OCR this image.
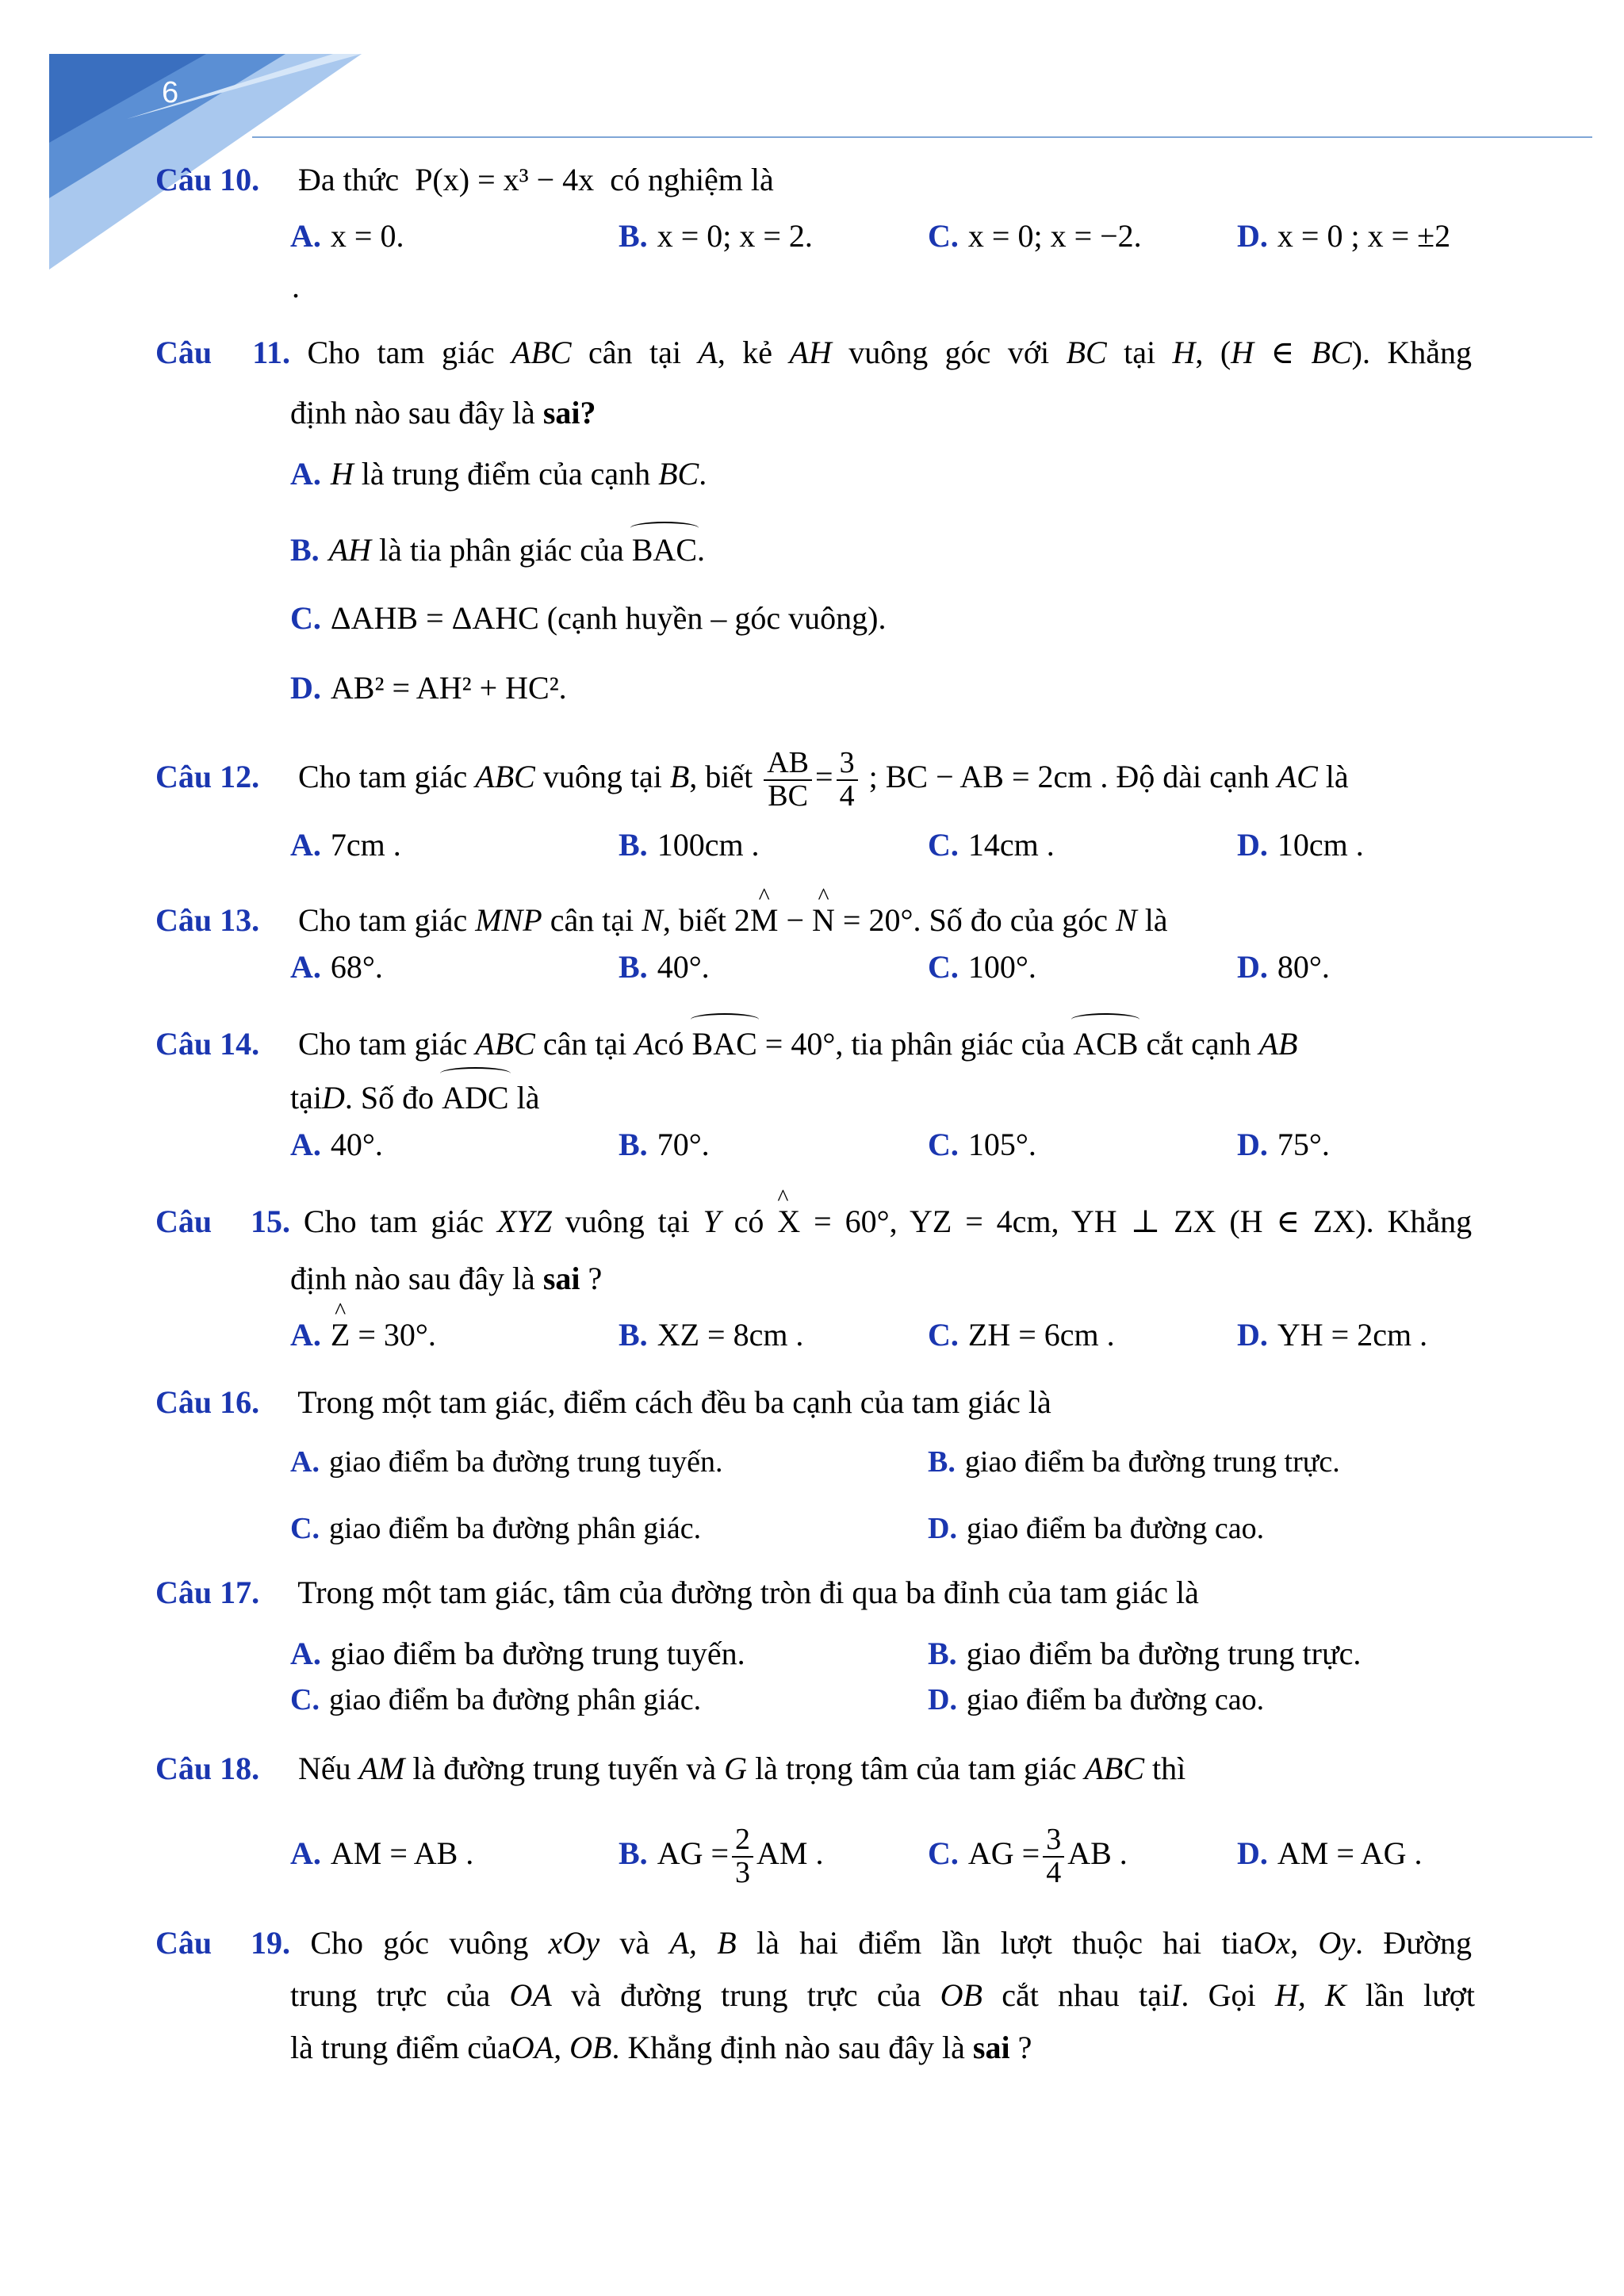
6
Câu 10. Đa thức P(x) = x³ − 4x có nghiệm là
A. x = 0.	B. x = 0; x = 2.	C. x = 0; x = −2.	D. x = 0 ; x = ±2
.
Câu 11. Cho tam giác ABC cân tại A, kẻ AH vuông góc với BC tại H, (H ∈ BC). Khẳng
định nào sau đây là sai?
A. H là trung điểm của cạnh BC.
B. AH là tia phân giác của BAC.
C. ΔAHB = ΔAHC (cạnh huyền – góc vuông).
D. AB² = AH² + HC².
Câu 12. Cho tam giác ABC vuông tại B, biết $\frac{AB}{BC} = \frac{3}{4}$ ; BC − AB = 2cm . Độ dài cạnh AC là
A. 7cm .	B. 100cm .	C. 14cm .	D. 10cm .
Câu 13. Cho tam giác MNP cân tại N, biết 2^ M − ^ N = 20°. Số đo của góc N là
A. 68°.	B. 40°.	C. 100°.	D. 80°.
Câu 14. Cho tam giác ABC cân tại Acó BAC = 40°, tia phân giác của ACB cắt cạnh AB
tạiD. Số đo ADC là
A. 40°.	B. 70°.	C. 105°.	D. 75°.
Câu 15. Cho tam giác XYZ vuông tại Y có ^ X = 60°, YZ = 4cm, YH ⊥ ZX (H ∈ ZX). Khẳng
định nào sau đây là sai ?
A. ^ Z = 30°.	B. XZ = 8cm .	C. ZH = 6cm .	D. YH = 2cm .
Câu 16. Trong một tam giác, điểm cách đều ba cạnh của tam giác là
A. giao điểm ba đường trung tuyến.	B. giao điểm ba đường trung trực.
C. giao điểm ba đường phân giác.	D. giao điểm ba đường cao.
Câu 17. Trong một tam giác, tâm của đường tròn đi qua ba đỉnh của tam giác là
A. giao điểm ba đường trung tuyến.	B. giao điểm ba đường trung trực.
C. giao điểm ba đường phân giác.	D. giao điểm ba đường cao.
Câu 18. Nếu AM là đường trung tuyến và G là trọng tâm của tam giác ABC thì
A. AM = AB .	B. AG = $\frac{2}{3}$ AM .	C. AG = $\frac{3}{4}$ AB .	D. AM = AG .
Câu 19. Cho góc vuông xOy và A, B là hai điểm lần lượt thuộc hai tiaOx, Oy. Đường
trung trực của OA và đường trung trực của OB cắt nhau tạiI. Gọi H, K lần lượt
là trung điểm củaOA, OB. Khẳng định nào sau đây là sai ?
